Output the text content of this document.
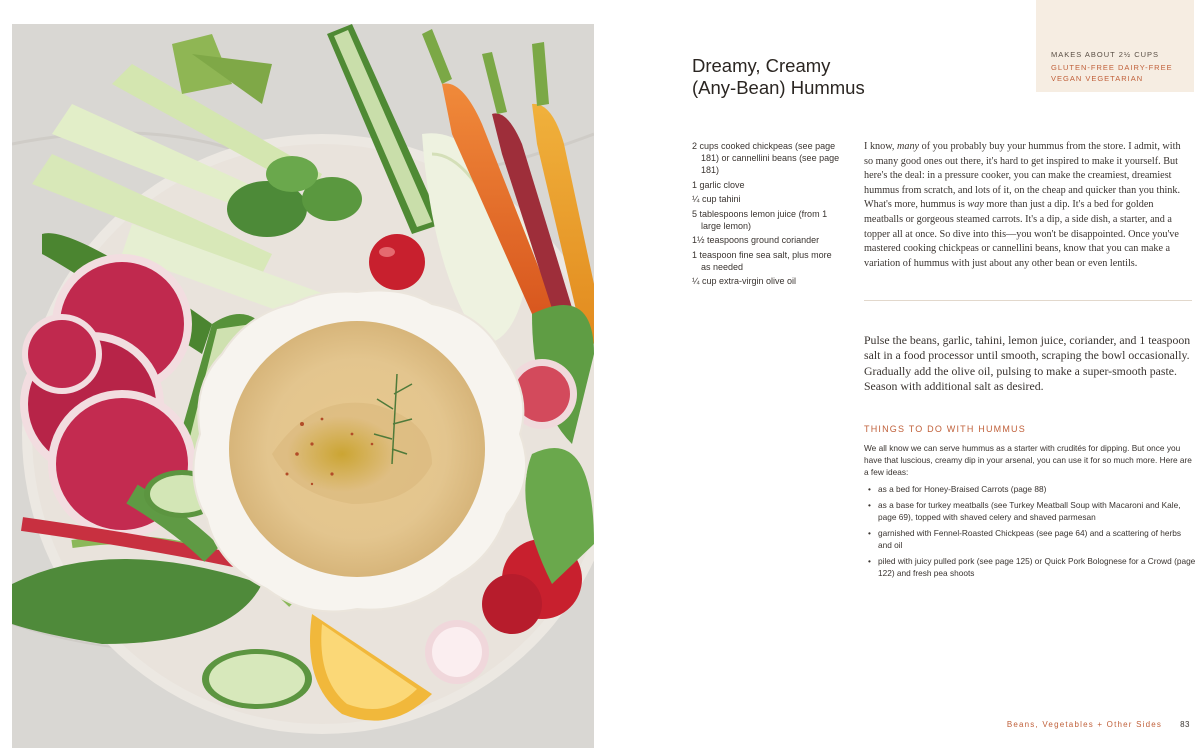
MAKES ABOUT 2½ CUPS
GLUTEN-FREE DAIRY-FREE VEGAN VEGETARIAN
Dreamy, Creamy
(Any-Bean) Hummus
2 cups cooked chickpeas (see page 181) or cannellini beans (see page 181)
1 garlic clove
¼ cup tahini
5 tablespoons lemon juice (from 1 large lemon)
1½ teaspoons ground coriander
1 teaspoon fine sea salt, plus more as needed
¼ cup extra-virgin olive oil

I know, many of you probably buy your hummus from the store. I admit, with so many good ones out there, it's hard to get inspired to make it yourself. But here's the deal: in a pressure cooker, you can make the creamiest, dreamiest hummus from scratch, and lots of it, on the cheap and quicker than you think. What's more, hummus is way more than just a dip. It's a bed for golden meatballs or gorgeous steamed carrots. It's a dip, a side dish, a starter, and a topper all at once. So dive into this—you won't be disappointed. Once you've mastered cooking chickpeas or cannellini beans, know that you can make a variation of hummus with just about any other bean or even lentils.

Pulse the beans, garlic, tahini, lemon juice, coriander, and 1 teaspoon salt in a food processor until smooth, scraping the bowl occasionally. Gradually add the olive oil, pulsing to make a super-smooth paste. Season with additional salt as desired.

THINGS TO DO WITH HUMMUS

We all know we can serve hummus as a starter with crudités for dipping. But once you have that luscious, creamy dip in your arsenal, you can use it for so much more. Here are a few ideas:

• as a bed for Honey-Braised Carrots (page 88)
• as a base for turkey meatballs (see Turkey Meatball Soup with Macaroni and Kale, page 69), topped with shaved celery and shaved parmesan
• garnished with Fennel-Roasted Chickpeas (see page 64) and a scattering of herbs and oil
• piled with juicy pulled pork (see page 125) or Quick Pork Bolognese for a Crowd (page 122) and fresh pea shoots
Beans, Vegetables + Other Sides 83
